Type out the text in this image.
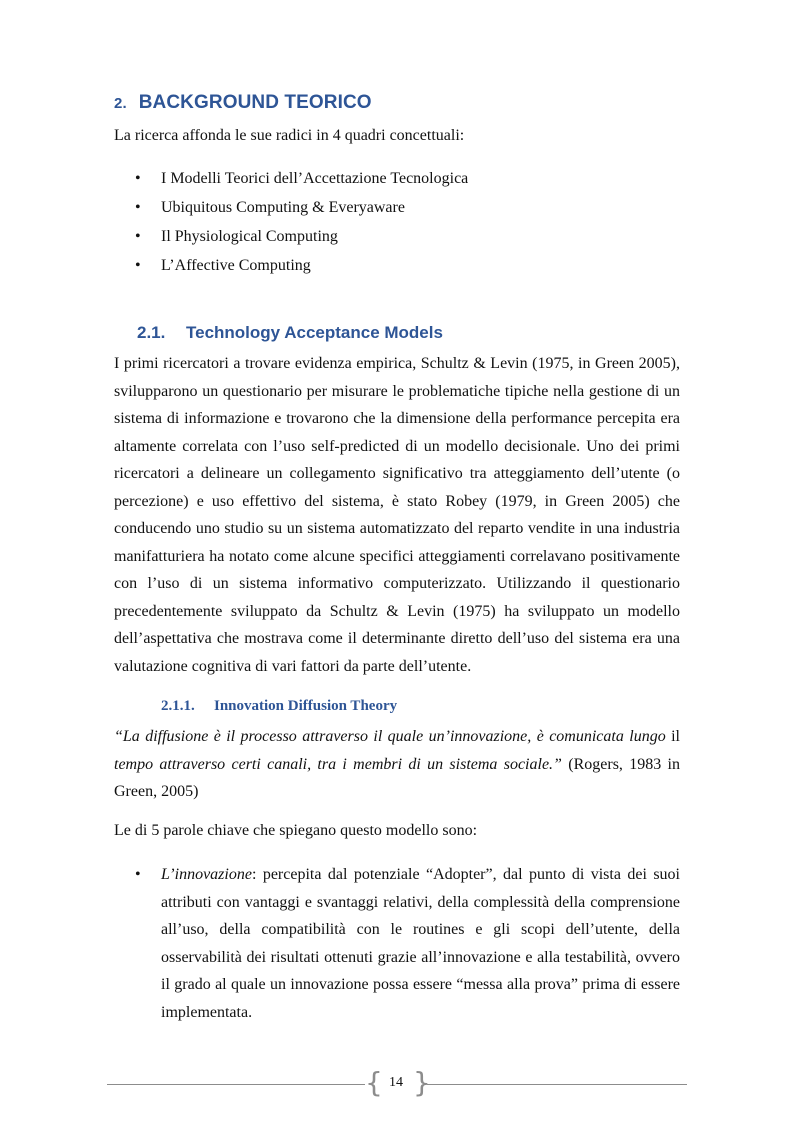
2. BACKGROUND TEORICO

La ricerca affonda le sue radici in 4 quadri concettuali:

• I Modelli Teorici dell’Accettazione Tecnologica
• Ubiquitous Computing & Everyaware
• Il Physiological Computing
• L’Affective Computing
2.1. Technology Acceptance Models

I primi ricercatori a trovare evidenza empirica, Schultz & Levin (1975, in Green 2005), svilupparono un questionario per misurare le problematiche tipiche nella gestione di un sistema di informazione e trovarono che la dimensione della performance percepita era altamente correlata con l’uso self-predicted di un modello decisionale. Uno dei primi ricercatori a delineare un collegamento significativo tra atteggiamento dell’utente (o percezione) e uso effettivo del sistema, è stato Robey (1979, in Green 2005) che conducendo uno studio su un sistema automatizzato del reparto vendite in una industria manifatturiera ha notato come alcune specifici atteggiamenti correlavano positivamente con l’uso di un sistema informativo computerizzato. Utilizzando il questionario precedentemente sviluppato da Schultz & Levin (1975) ha sviluppato un modello dell’aspettativa che mostrava come il determinante diretto dell’uso del sistema era una valutazione cognitiva di vari fattori da parte dell’utente.

2.1.1. Innovation Diffusion Theory

“La diffusione è il processo attraverso il quale un’innovazione, è comunicata lungo il tempo attraverso certi canali, tra i membri di un sistema sociale.” (Rogers, 1983 in Green, 2005)

Le di 5 parole chiave che spiegano questo modello sono:

• L’innovazione: percepita dal potenziale “Adopter”, dal punto di vista dei suoi attributi con vantaggi e svantaggi relativi, della complessità della comprensione all’uso, della compatibilità con le routines e gli scopi dell’utente, della osservabilità dei risultati ottenuti grazie all’innovazione e alla testabilità, ovvero il grado al quale un innovazione possa essere “messa alla prova” prima di essere implementata.
{ }
14
